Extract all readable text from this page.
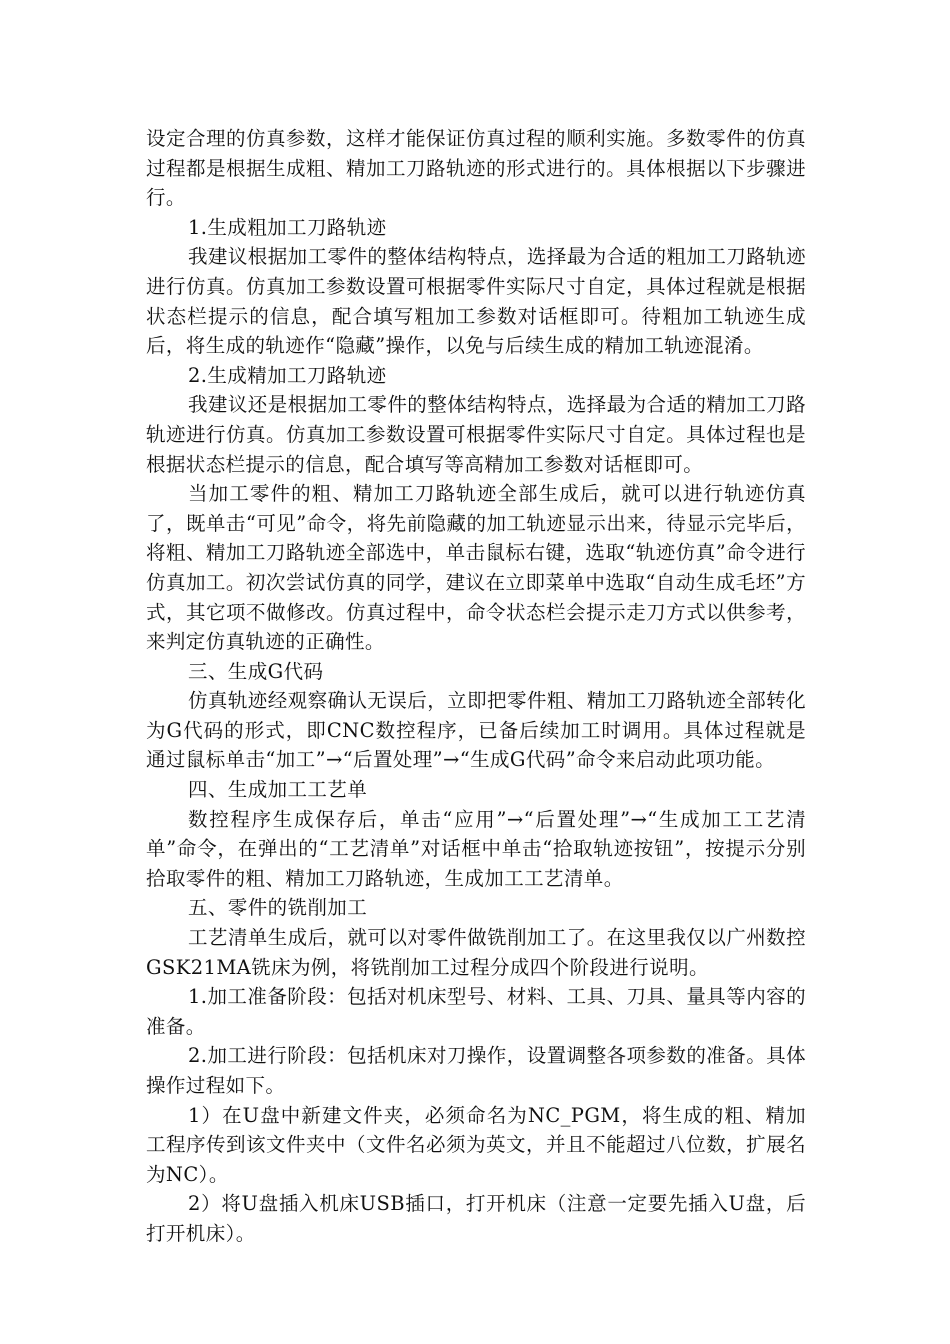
设定合理的仿真参数，这样才能保证仿真过程的顺利实施。多数零件的仿真过程都是根据生成粗、精加工刀路轨迹的形式进行的。具体根据以下步骤进行。

1.生成粗加工刀路轨迹

我建议根据加工零件的整体结构特点，选择最为合适的粗加工刀路轨迹进行仿真。仿真加工参数设置可根据零件实际尺寸自定，具体过程就是根据状态栏提示的信息，配合填写粗加工参数对话框即可。待粗加工轨迹生成后，将生成的轨迹作“隐藏”操作，以免与后续生成的精加工轨迹混淆。

2.生成精加工刀路轨迹

我建议还是根据加工零件的整体结构特点，选择最为合适的精加工刀路轨迹进行仿真。仿真加工参数设置可根据零件实际尺寸自定。具体过程也是根据状态栏提示的信息，配合填写等高精加工参数对话框即可。

当加工零件的粗、精加工刀路轨迹全部生成后，就可以进行轨迹仿真了，既单击“可见”命令，将先前隐藏的加工轨迹显示出来，待显示完毕后，将粗、精加工刀路轨迹全部选中，单击鼠标右键，选取“轨迹仿真”命令进行仿真加工。初次尝试仿真的同学，建议在立即菜单中选取“自动生成毛坯”方式，其它项不做修改。仿真过程中，命令状态栏会提示走刀方式以供参考，来判定仿真轨迹的正确性。

三、生成G代码

仿真轨迹经观察确认无误后，立即把零件粗、精加工刀路轨迹全部转化为G代码的形式，即CNC数控程序，已备后续加工时调用。具体过程就是通过鼠标单击“加工”→“后置处理”→“生成G代码”命令来启动此项功能。

四、生成加工工艺单

数控程序生成保存后，单击“应用”→“后置处理”→“生成加工工艺清单”命令，在弹出的“工艺清单”对话框中单击“拾取轨迹按钮”，按提示分别拾取零件的粗、精加工刀路轨迹，生成加工工艺清单。

五、零件的铣削加工

工艺清单生成后，就可以对零件做铣削加工了。在这里我仅以广州数控GSK21MA铣床为例，将铣削加工过程分成四个阶段进行说明。

1.加工准备阶段：包括对机床型号、材料、工具、刀具、量具等内容的准备。

2.加工进行阶段：包括机床对刀操作，设置调整各项参数的准备。具体操作过程如下。

1）在U盘中新建文件夹，必须命名为NC_PGM，将生成的粗、精加工程序传到该文件夹中（文件名必须为英文，并且不能超过八位数，扩展名为NC）。

2）将U盘插入机床USB插口，打开机床（注意一定要先插入U盘，后打开机床）。
